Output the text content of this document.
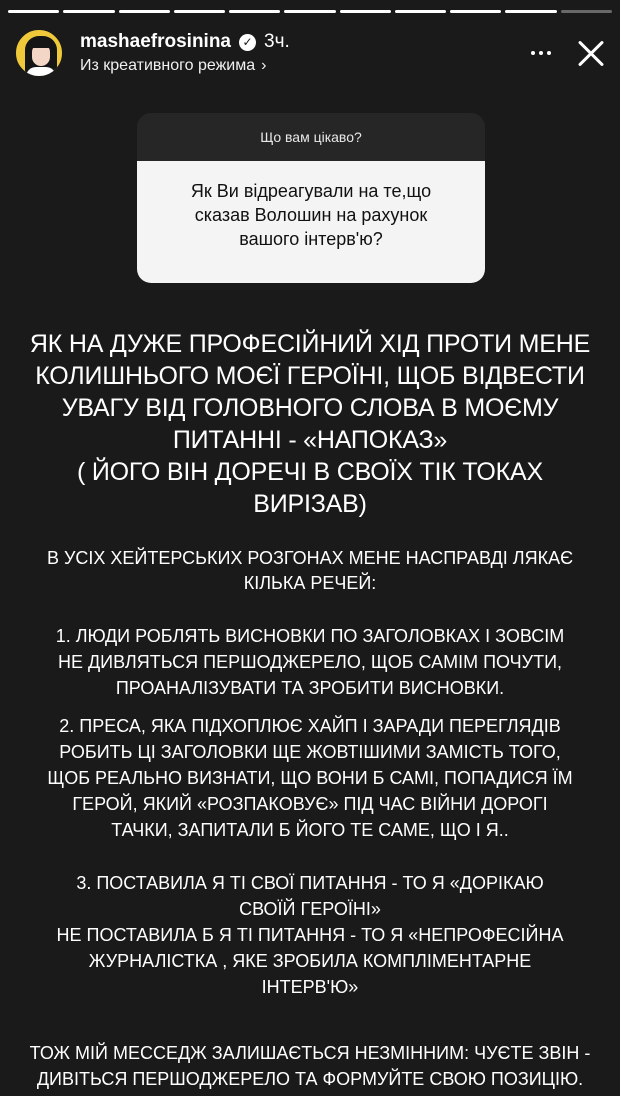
mashaefrosinina ✓ 3ч.
Из креативного режима ›
Що вам цікаво?
Як Ви відреагували на те,що
сказав Волошин на рахунок
вашого інтерв'ю?
ЯК НА ДУЖЕ ПРОФЕСІЙНИЙ ХІД ПРОТИ МЕНЕ
КОЛИШНЬОГО МОЄЇ ГЕРОЇНІ, ЩОБ ВІДВЕСТИ
УВАГУ ВІД ГОЛОВНОГО СЛОВА В МОЄМУ
ПИТАННІ - «НАПОКАЗ»
( ЙОГО ВІН ДОРЕЧІ В СВОЇХ ТІК ТОКАХ
ВИРІЗАВ)
В УСІХ ХЕЙТЕРСЬКИХ РОЗГОНАХ МЕНЕ НАСПРАВДІ ЛЯКАЄ
КІЛЬКА РЕЧЕЙ:
1. ЛЮДИ РОБЛЯТЬ ВИСНОВКИ ПО ЗАГОЛОВКАХ І ЗОВСІМ
НЕ ДИВЛЯТЬСЯ ПЕРШОДЖЕРЕЛО, ЩОБ САМІМ ПОЧУТИ,
ПРОАНАЛІЗУВАТИ ТА ЗРОБИТИ ВИСНОВКИ.
2. ПРЕСА, ЯКА ПІДХОПЛЮЄ ХАЙП І ЗАРАДИ ПЕРЕГЛЯДІВ
РОБИТЬ ЦІ ЗАГОЛОВКИ ЩЕ ЖОВТІШИМИ ЗАМІСТЬ ТОГО,
ЩОБ РЕАЛЬНО ВИЗНАТИ, ЩО ВОНИ Б САМІ, ПОПАДИСЯ ЇМ
ГЕРОЙ, ЯКИЙ «РОЗПАКОВУЄ» ПІД ЧАС ВІЙНИ ДОРОГІ
ТАЧКИ, ЗАПИТАЛИ Б ЙОГО ТЕ САМЕ, ЩО І Я..
3. ПОСТАВИЛА Я ТІ СВОЇ ПИТАННЯ - ТО Я «ДОРІКАЮ
СВОЇЙ ГЕРОЇНІ»
НЕ ПОСТАВИЛА Б Я ТІ ПИТАННЯ - ТО Я «НЕПРОФЕСІЙНА
ЖУРНАЛІСТКА , ЯКЕ ЗРОБИЛА КОМПЛІМЕНТАРНЕ
ІНТЕРВ'Ю»
ТОЖ МІЙ МЕССЕДЖ ЗАЛИШАЄТЬСЯ НЕЗМІННИМ: ЧУЄТЕ ЗВІН -
ДИВІТЬСЯ ПЕРШОДЖЕРЕЛО ТА ФОРМУЙТЕ СВОЮ ПОЗИЦІЮ.
